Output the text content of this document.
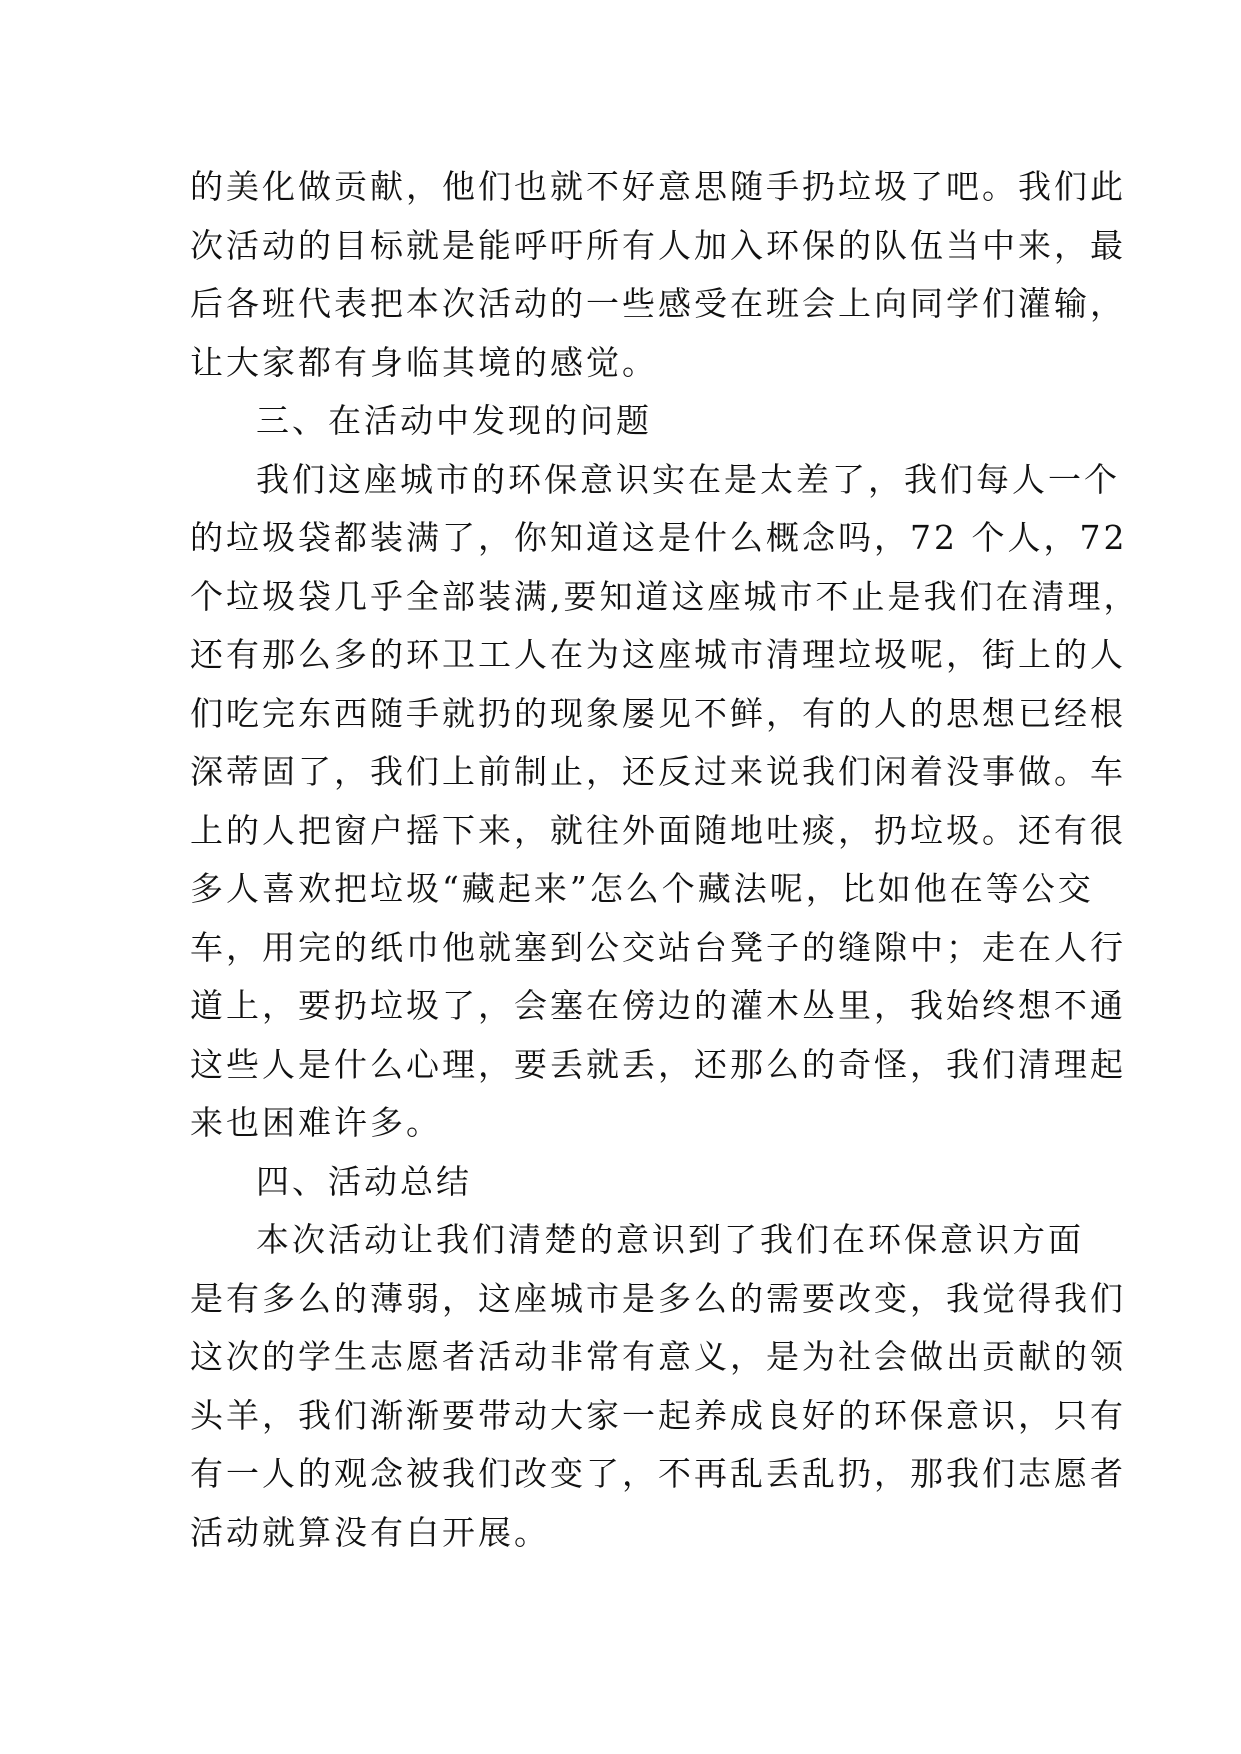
的美化做贡献，他们也就不好意思随手扔垃圾了吧。我们此
次活动的目标就是能呼吁所有人加入环保的队伍当中来，最
后各班代表把本次活动的一些感受在班会上向同学们灌输，
让大家都有身临其境的感觉。
三、在活动中发现的问题
我们这座城市的环保意识实在是太差了，我们每人一个
的垃圾袋都装满了，你知道这是什么概念吗，72 个人，72
个垃圾袋几乎全部装满,要知道这座城市不止是我们在清理，
还有那么多的环卫工人在为这座城市清理垃圾呢，街上的人
们吃完东西随手就扔的现象屡见不鲜，有的人的思想已经根
深蒂固了，我们上前制止，还反过来说我们闲着没事做。车
上的人把窗户摇下来，就往外面随地吐痰，扔垃圾。还有很
多人喜欢把垃圾“藏起来”怎么个藏法呢，比如他在等公交
车，用完的纸巾他就塞到公交站台凳子的缝隙中；走在人行
道上，要扔垃圾了，会塞在傍边的灌木丛里，我始终想不通
这些人是什么心理，要丢就丢，还那么的奇怪，我们清理起
来也困难许多。
四、活动总结
本次活动让我们清楚的意识到了我们在环保意识方面
是有多么的薄弱，这座城市是多么的需要改变，我觉得我们
这次的学生志愿者活动非常有意义，是为社会做出贡献的领
头羊，我们渐渐要带动大家一起养成良好的环保意识，只有
有一人的观念被我们改变了，不再乱丢乱扔，那我们志愿者
活动就算没有白开展。
